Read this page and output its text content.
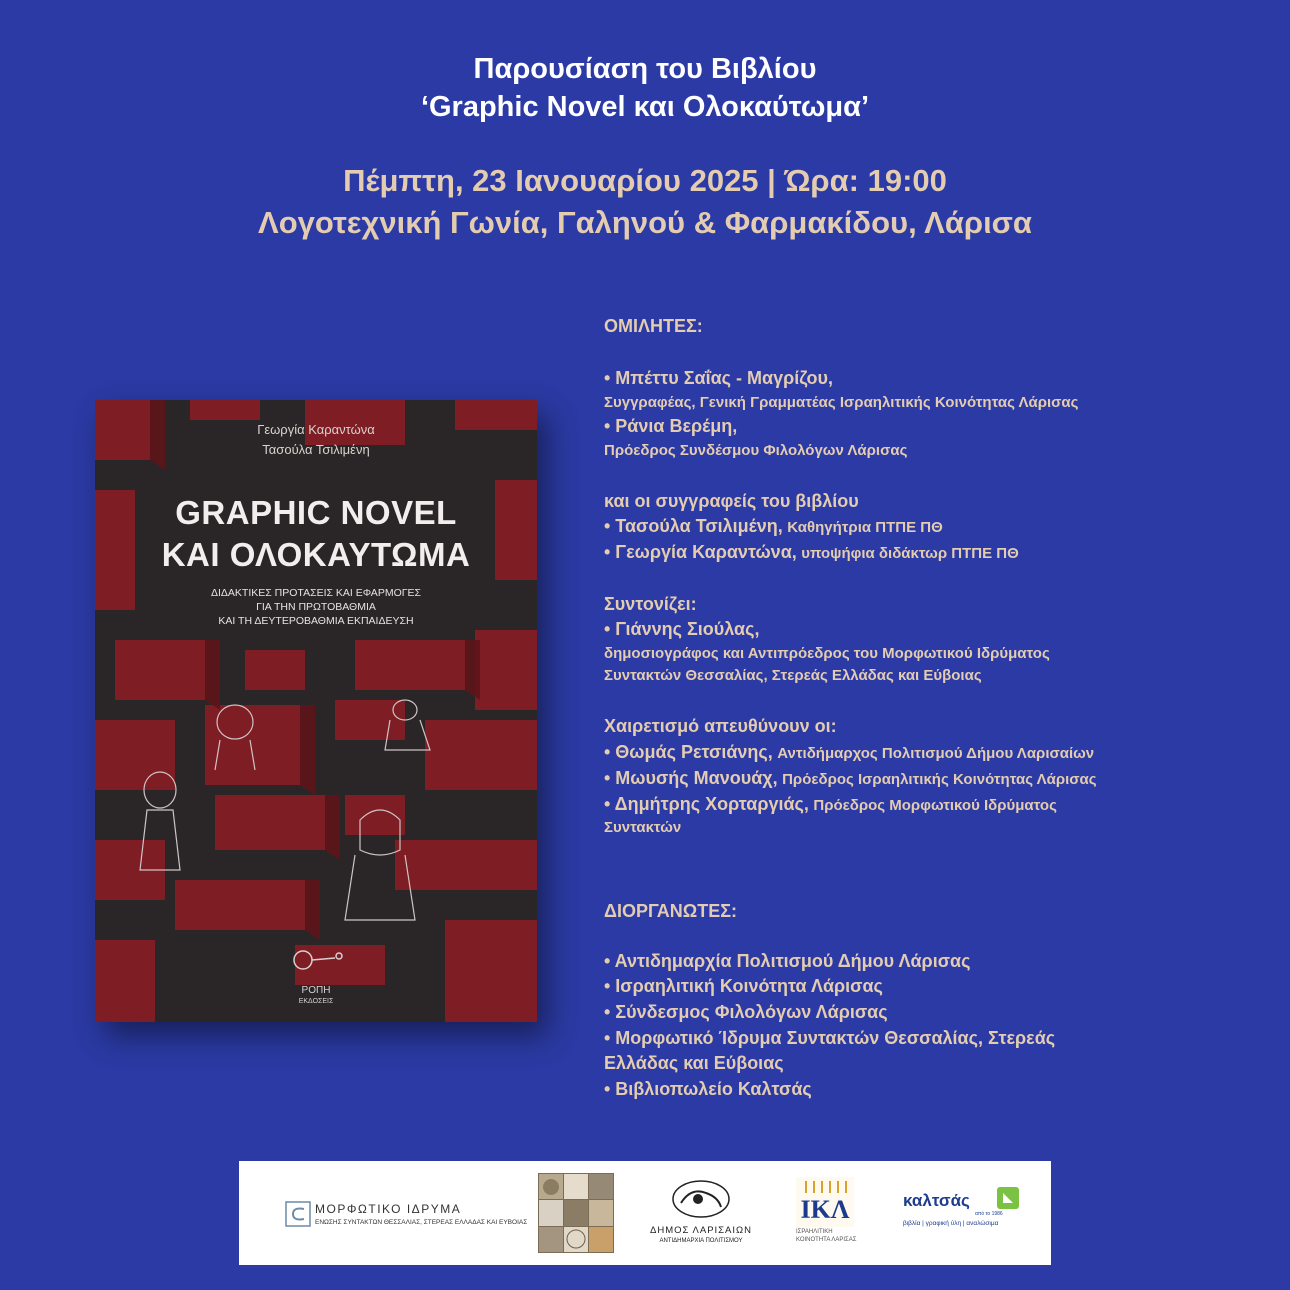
Παρουσίαση του Βιβλίου
‘Graphic Novel και Ολοκαύτωμα’
Πέμπτη, 23 Ιανουαρίου 2025 | Ώρα: 19:00
Λογοτεχνική Γωνία, Γαληνού & Φαρμακίδου, Λάρισα
Γεωργία Καραντώνα
Τασούλα Τσιλιμένη
GRAPHIC NOVEL
ΚΑΙ ΟΛΟΚΑΥΤΩΜΑ
ΔΙΔΑΚΤΙΚΕΣ ΠΡΟΤΑΣΕΙΣ ΚΑΙ ΕΦΑΡΜΟΓΕΣ
ΓΙΑ ΤΗΝ ΠΡΩΤΟΒΑΘΜΙΑ
ΚΑΙ ΤΗ ΔΕΥΤΕΡΟΒΑΘΜΙΑ ΕΚΠΑΙΔΕΥΣΗ
ΡΟΠΗ
ΕΚΔΟΣΕΙΣ
ΟΜΙΛΗΤΕΣ:
• Μπέττυ Σαΐας - Μαγρίζου,
Συγγραφέας, Γενική Γραμματέας Ισραηλιτικής Κοινότητας Λάρισας
• Ράνια Βερέμη,
Πρόεδρος Συνδέσμου Φιλολόγων Λάρισας
και οι συγγραφείς του βιβλίου
• Τασούλα Τσιλιμένη, Καθηγήτρια ΠΤΠΕ ΠΘ
• Γεωργία Καραντώνα, υποψήφια διδάκτωρ ΠΤΠΕ ΠΘ
Συντονίζει:
• Γιάννης Σιούλας,
δημοσιογράφος και Αντιπρόεδρος του Μορφωτικού Ιδρύματος
Συντακτών Θεσσαλίας, Στερεάς Ελλάδας και Εύβοιας
Χαιρετισμό απευθύνουν οι:
• Θωμάς Ρετσιάνης, Αντιδήμαρχος Πολιτισμού Δήμου Λαρισαίων
• Μωυσής Μανουάχ, Πρόεδρος Ισραηλιτικής Κοινότητας Λάρισας
• Δημήτρης Χορταργιάς, Πρόεδρος Μορφωτικού Ιδρύματος
Συντακτών
ΔΙΟΡΓΑΝΩΤΕΣ:
• Αντιδημαρχία Πολιτισμού Δήμου Λάρισας
• Ισραηλιτική Κοινότητα Λάρισας
• Σύνδεσμος Φιλολόγων Λάρισας
• Μορφωτικό Ίδρυμα Συντακτών Θεσσαλίας, Στερεάς
Ελλάδας και Εύβοιας
• Βιβλιοπωλείο Καλτσάς
ΜΟΡΦΩΤΙΚΟ ΙΔΡΥΜΑ
ΕΝΩΣΗΣ ΣΥΝΤΑΚΤΩΝ ΘΕΣΣΑΛΙΑΣ, ΣΤΕΡΕΑΣ ΕΛΛΑΔΑΣ ΚΑΙ ΕΥΒΟΙΑΣ
ΔΗΜΟΣ ΛΑΡΙΣΑΙΩΝ
ΑΝΤΙΔΗΜΑΡΧΙΑ ΠΟΛΙΤΙΣΜΟΥ
ΙΚΛ
ΙΣΡΑΗΛΙΤΙΚΗ
ΚΟΙΝΟΤΗΤΑ ΛΑΡΙΣΑΣ
καλτσάς
από το 1986
βιβλία | γραφική ύλη | αναλώσιμα
